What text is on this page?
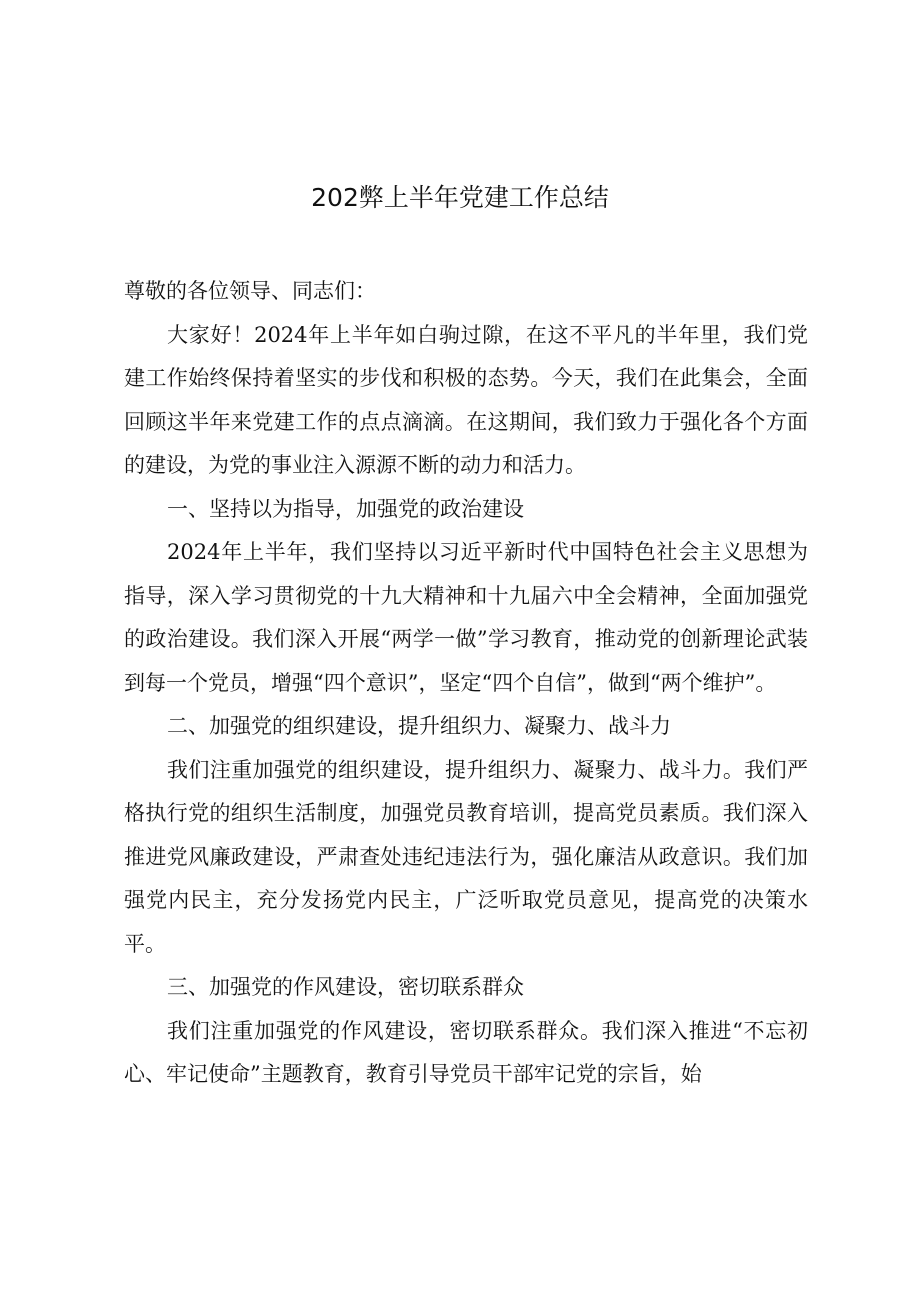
202弊上半年党建工作总结

尊敬的各位领导、同志们：

大家好！2024年上半年如白驹过隙，在这不平凡的半年里，我们党建工作始终保持着坚实的步伐和积极的态势。今天，我们在此集会，全面回顾这半年来党建工作的点点滴滴。在这期间，我们致力于强化各个方面的建设，为党的事业注入源源不断的动力和活力。

一、坚持以为指导，加强党的政治建设

2024年上半年，我们坚持以习近平新时代中国特色社会主义思想为指导，深入学习贯彻党的十九大精神和十九届六中全会精神，全面加强党的政治建设。我们深入开展“两学一做”学习教育，推动党的创新理论武装到每一个党员，增强“四个意识”，坚定“四个自信”，做到“两个维护”。

二、加强党的组织建设，提升组织力、凝聚力、战斗力

我们注重加强党的组织建设，提升组织力、凝聚力、战斗力。我们严格执行党的组织生活制度，加强党员教育培训，提高党员素质。我们深入推进党风廉政建设，严肃查处违纪违法行为，强化廉洁从政意识。我们加强党内民主，充分发扬党内民主，广泛听取党员意见，提高党的决策水平。

三、加强党的作风建设，密切联系群众

我们注重加强党的作风建设，密切联系群众。我们深入推进“不忘初心、牢记使命”主题教育，教育引导党员干部牢记党的宗旨，始
